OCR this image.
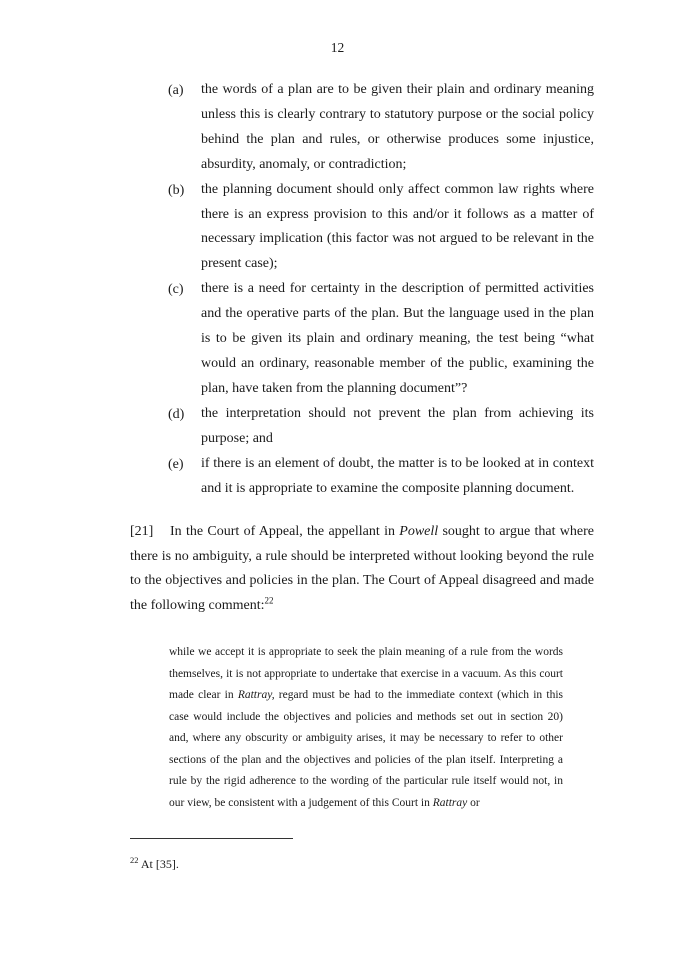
12
(a) the words of a plan are to be given their plain and ordinary meaning unless this is clearly contrary to statutory purpose or the social policy behind the plan and rules, or otherwise produces some injustice, absurdity, anomaly, or contradiction;
(b) the planning document should only affect common law rights where there is an express provision to this and/or it follows as a matter of necessary implication (this factor was not argued to be relevant in the present case);
(c) there is a need for certainty in the description of permitted activities and the operative parts of the plan. But the language used in the plan is to be given its plain and ordinary meaning, the test being “what would an ordinary, reasonable member of the public, examining the plan, have taken from the planning document”?
(d) the interpretation should not prevent the plan from achieving its purpose; and
(e) if there is an element of doubt, the matter is to be looked at in context and it is appropriate to examine the composite planning document.
[21] In the Court of Appeal, the appellant in Powell sought to argue that where there is no ambiguity, a rule should be interpreted without looking beyond the rule to the objectives and policies in the plan. The Court of Appeal disagreed and made the following comment:$^{22}$
while we accept it is appropriate to seek the plain meaning of a rule from the words themselves, it is not appropriate to undertake that exercise in a vacuum. As this court made clear in Rattray, regard must be had to the immediate context (which in this case would include the objectives and policies and methods set out in section 20) and, where any obscurity or ambiguity arises, it may be necessary to refer to other sections of the plan and the objectives and policies of the plan itself. Interpreting a rule by the rigid adherence to the wording of the particular rule itself would not, in our view, be consistent with a judgement of this Court in Rattray or
$^{22}$ At [35].
